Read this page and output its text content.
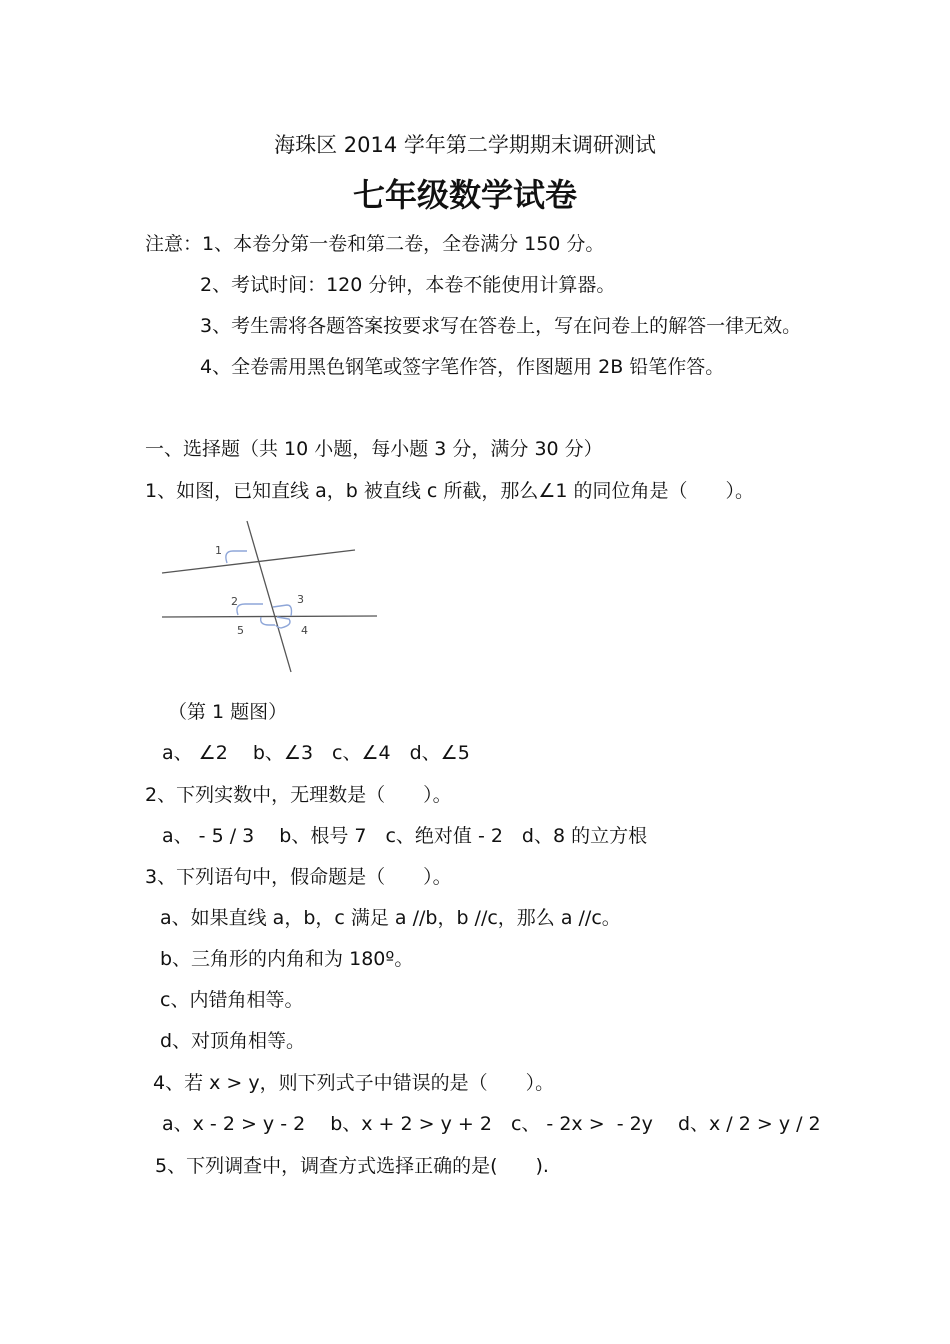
海珠区 2014 学年第二学期期末调研测试
七年级数学试卷
注意：1、本卷分第一卷和第二卷，全卷满分 150 分。
2、考试时间：120 分钟，本卷不能使用计算器。
3、考生需将各题答案按要求写在答卷上，写在问卷上的解答一律无效。
4、全卷需用黑色钢笔或签字笔作答，作图题用 2B 铅笔作答。
一、选择题（共 10 小题，每小题 3 分，满分 30 分）
1、如图，已知直线 a，b 被直线 c 所截，那么∠1 的同位角是（　　）。
1
2	3
5	4
（第 1 题图）
a、 ∠2　 b、∠3　c、∠4　d、∠5
2、下列实数中，无理数是（　　）。
a、 - 5 / 3　 b、根号 7　c、绝对值 - 2　d、8 的立方根
3、下列语句中，假命题是（　　）。
a、如果直线 a，b，c 满足 a //b，b //c，那么 a //c。
b、三角形的内角和为 180º。
c、内错角相等。
d、对顶角相等。
4、若 x > y，则下列式子中错误的是（　　）。
a、x - 2 > y - 2　 b、x + 2 > y + 2　c、 - 2x >  - 2y　 d、x / 2 > y / 2
5、下列调查中，调查方式选择正确的是(　　).
